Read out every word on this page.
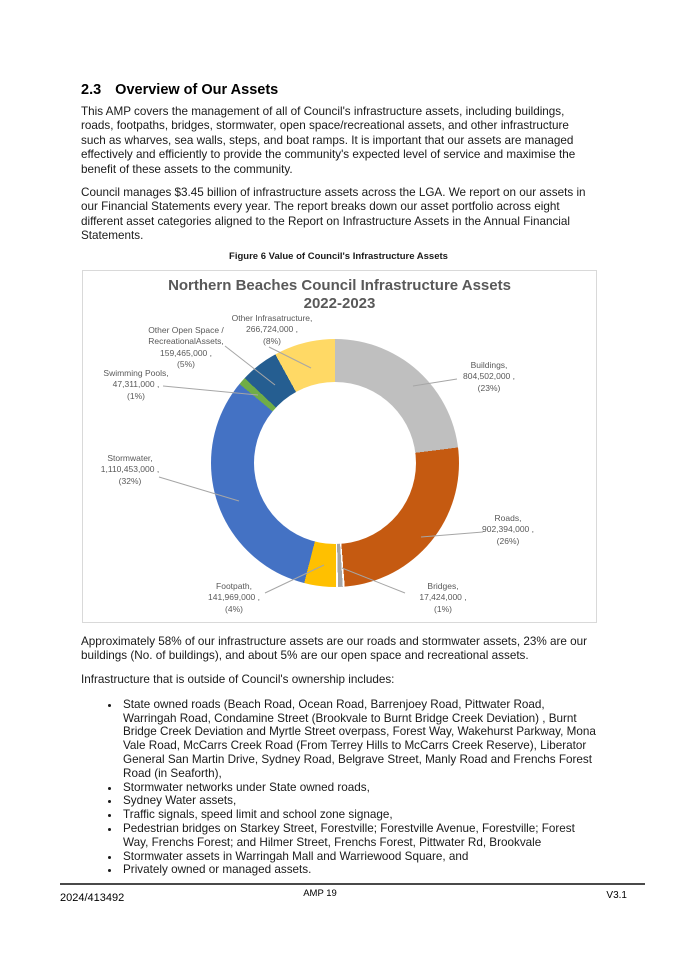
2.3 Overview of Our Assets

This AMP covers the management of all of Council's infrastructure assets, including buildings, roads, footpaths, bridges, stormwater, open space/recreational assets, and other infrastructure such as wharves, sea walls, steps, and boat ramps. It is important that our assets are managed effectively and efficiently to provide the community's expected level of service and maximise the benefit of these assets to the community.

Council manages $3.45 billion of infrastructure assets across the LGA. We report on our assets in our Financial Statements every year. The report breaks down our asset portfolio across eight different asset categories aligned to the Report on Infrastructure Assets in the Annual Financial Statements.

Figure 6 Value of Council's Infrastructure Assets
Northern Beaches Council Infrastructure Assets
2022-2023
Other Infrasatructure,
266,724,000 ,
(8%)
Other Open Space /
RecreationalAssets,
159,465,000 ,
(5%)
Swimming Pools,
47,311,000 ,
(1%)
Stormwater,
1,110,453,000 ,
(32%)
Buildings,
804,502,000 ,
(23%)
Roads,
902,394,000 ,
(26%)
Bridges,
17,424,000 ,
(1%)
Footpath,
141,969,000 ,
(4%)

Approximately 58% of our infrastructure assets are our roads and stormwater assets, 23% are our buildings (No. of buildings), and about 5% are our open space and recreational assets.

Infrastructure that is outside of Council's ownership includes:

• State owned roads (Beach Road, Ocean Road, Barrenjoey Road, Pittwater Road, Warringah Road, Condamine Street (Brookvale to Burnt Bridge Creek Deviation) , Burnt Bridge Creek Deviation and Myrtle Street overpass, Forest Way, Wakehurst Parkway, Mona Vale Road, McCarrs Creek Road (From Terrey Hills to McCarrs Creek Reserve), Liberator General San Martin Drive, Sydney Road, Belgrave Street, Manly Road and Frenchs Forest Road (in Seaforth),
• Stormwater networks under State owned roads,
• Sydney Water assets,
• Traffic signals, speed limit and school zone signage,
• Pedestrian bridges on Starkey Street, Forestville; Forestville Avenue, Forestville; Forest Way, Frenchs Forest; and Hilmer Street, Frenchs Forest, Pittwater Rd, Brookvale
• Stormwater assets in Warringah Mall and Warriewood Square, and
• Privately owned or managed assets.
2024/413492	AMP 19	V3.1
